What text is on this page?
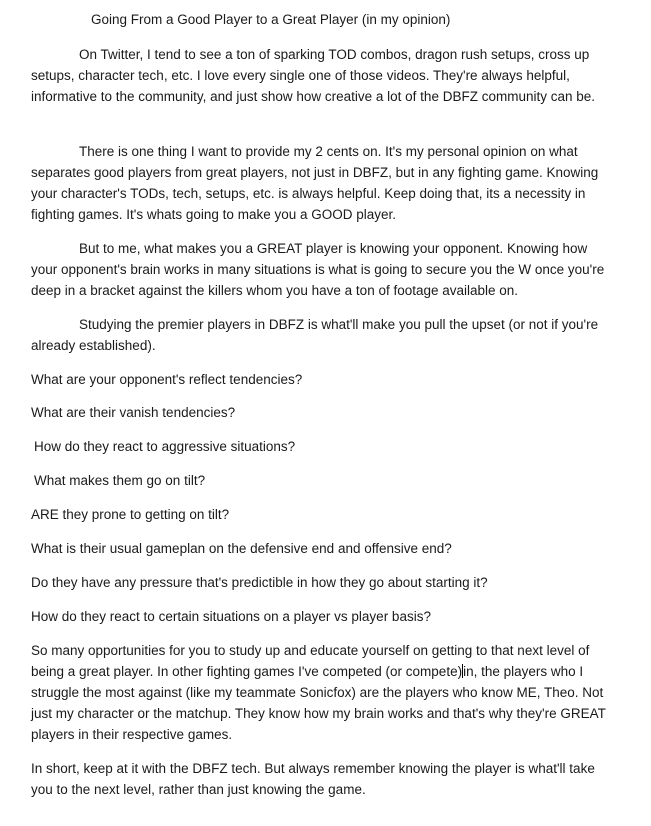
Going From a Good Player to a Great Player (in my opinion)

On Twitter, I tend to see a ton of sparking TOD combos, dragon rush setups, cross up setups, character tech, etc. I love every single one of those videos. They're always helpful, informative to the community, and just show how creative a lot of the DBFZ community can be.

There is one thing I want to provide my 2 cents on. It's my personal opinion on what separates good players from great players, not just in DBFZ, but in any fighting game. Knowing your character's TODs, tech, setups, etc. is always helpful. Keep doing that, its a necessity in fighting games. It's whats going to make you a GOOD player.

But to me, what makes you a GREAT player is knowing your opponent. Knowing how your opponent's brain works in many situations is what is going to secure you the W once you're deep in a bracket against the killers whom you have a ton of footage available on.

Studying the premier players in DBFZ is what'll make you pull the upset (or not if you're already established).

What are your opponent's reflect tendencies?

What are their vanish tendencies?

How do they react to aggressive situations?

What makes them go on tilt?

ARE they prone to getting on tilt?

What is their usual gameplan on the defensive end and offensive end?

Do they have any pressure that's predictible in how they go about starting it?

How do they react to certain situations on a player vs player basis?

So many opportunities for you to study up and educate yourself on getting to that next level of being a great player. In other fighting games I've competed (or compete)in, the players who I struggle the most against (like my teammate Sonicfox) are the players who know ME, Theo. Not just my character or the matchup. They know how my brain works and that's why they're GREAT players in their respective games.

In short, keep at it with the DBFZ tech. But always remember knowing the player is what'll take you to the next level, rather than just knowing the game.
